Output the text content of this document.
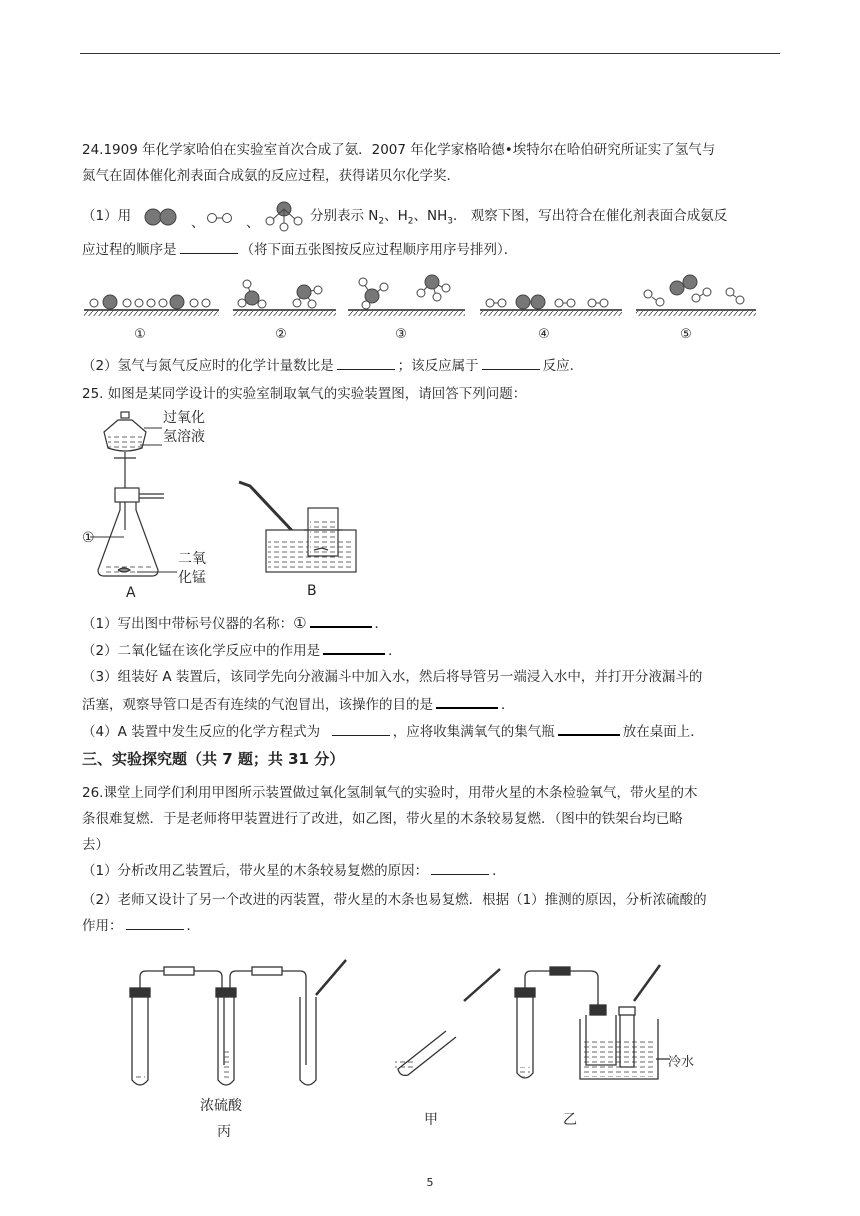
24.1909 年化学家哈伯在实验室首次合成了氨．2007 年化学家格哈德•埃特尔在哈伯研究所证实了氢气与
氮气在固体催化剂表面合成氨的反应过程，获得诺贝尔化学奖．
（1）用	、	、	分别表示 $N_2$、$H_2$、$NH_3$． 观察下图，写出符合在催化剂表面合成氨反
应过程的顺序是	（将下面五张图按反应过程顺序用序号排列）．
①	②	③	④	⑤
（2）氢气与氮气反应时的化学计量数比是	；该反应属于	反应．
25. 如图是某同学设计的实验室制取氧气的实验装置图，请回答下列问题：
过氧化
氢溶液
①
二氧
化锰
A	B
（1）写出图中带标号仪器的名称：①	．
（2）二氧化锰在该化学反应中的作用是	．
（3）组装好 A 装置后，该同学先向分液漏斗中加入水，然后将导管另一端浸入水中，并打开分液漏斗的
活塞，观察导管口是否有连续的气泡冒出，该操作的目的是	．
（4）A 装置中发生反应的化学方程式为	，应将收集满氧气的集气瓶	放在桌面上．
三、实验探究题（共 7 题；共 31 分）
26.课堂上同学们利用甲图所示装置做过氧化氢制氧气的实验时，用带火星的木条检验氧气，带火星的木
条很难复燃．于是老师将甲装置进行了改进，如乙图，带火星的木条较易复燃．（图中的铁架台均已略
去）
（1）分析改用乙装置后，带火星的木条较易复燃的原因：	．
（2）老师又设计了另一个改进的丙装置，带火星的木条也易复燃．根据（1）推测的原因，分析浓硫酸的
作用：	．
浓硫酸
丙
甲	乙
冷水
5
